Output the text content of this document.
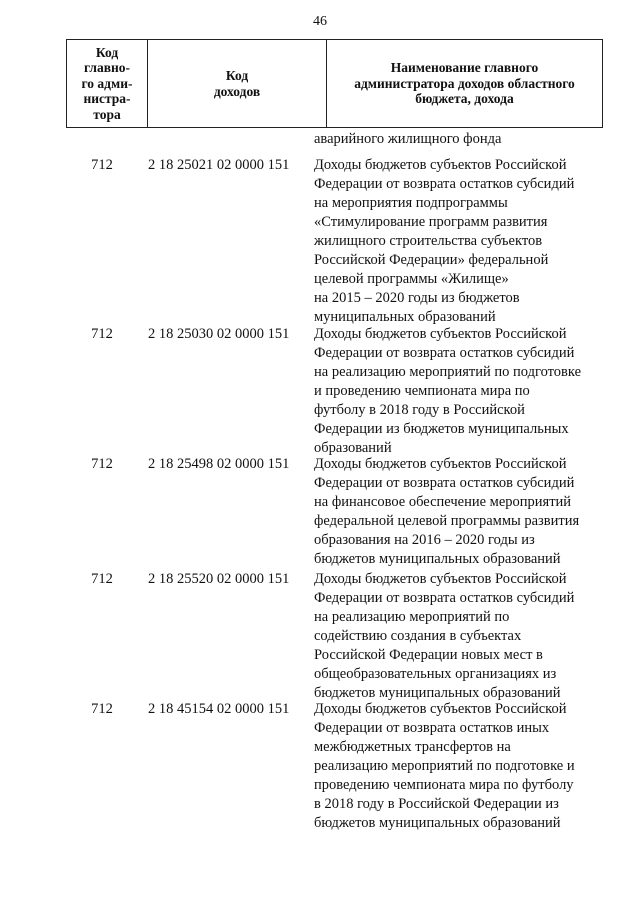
46
Код
главно-
го адми-
нистра-
тора

Код
доходов

Наименование главного
администратора доходов областного
бюджета, дохода
аварийного жилищного фонда
712	2 18 25021 02 0000 151 Доходы бюджетов субъектов Российской
Федерации от возврата остатков субсидий
на мероприятия подпрограммы
«Стимулирование программ развития
жилищного строительства субъектов
Российской Федерации» федеральной
целевой программы «Жилище»
на 2015 – 2020 годы из бюджетов
муниципальных образований
712	2 18 25030 02 0000 151 Доходы бюджетов субъектов Российской
Федерации от возврата остатков субсидий
на реализацию мероприятий по подготовке
и проведению чемпионата мира по
футболу в 2018 году в Российской
Федерации из бюджетов муниципальных
образований
712	2 18 25498 02 0000 151 Доходы бюджетов субъектов Российской
Федерации от возврата остатков субсидий
на финансовое обеспечение мероприятий
федеральной целевой программы развития
образования на 2016 – 2020 годы из
бюджетов муниципальных образований
712	2 18 25520 02 0000 151 Доходы бюджетов субъектов Российской
Федерации от возврата остатков субсидий
на реализацию мероприятий по
содействию создания в субъектах
Российской Федерации новых мест в
общеобразовательных организациях из
бюджетов муниципальных образований
712	2 18 45154 02 0000 151 Доходы бюджетов субъектов Российской
Федерации от возврата остатков иных
межбюджетных трансфертов на
реализацию мероприятий по подготовке и
проведению чемпионата мира по футболу
в 2018 году в Российской Федерации из
бюджетов муниципальных образований
